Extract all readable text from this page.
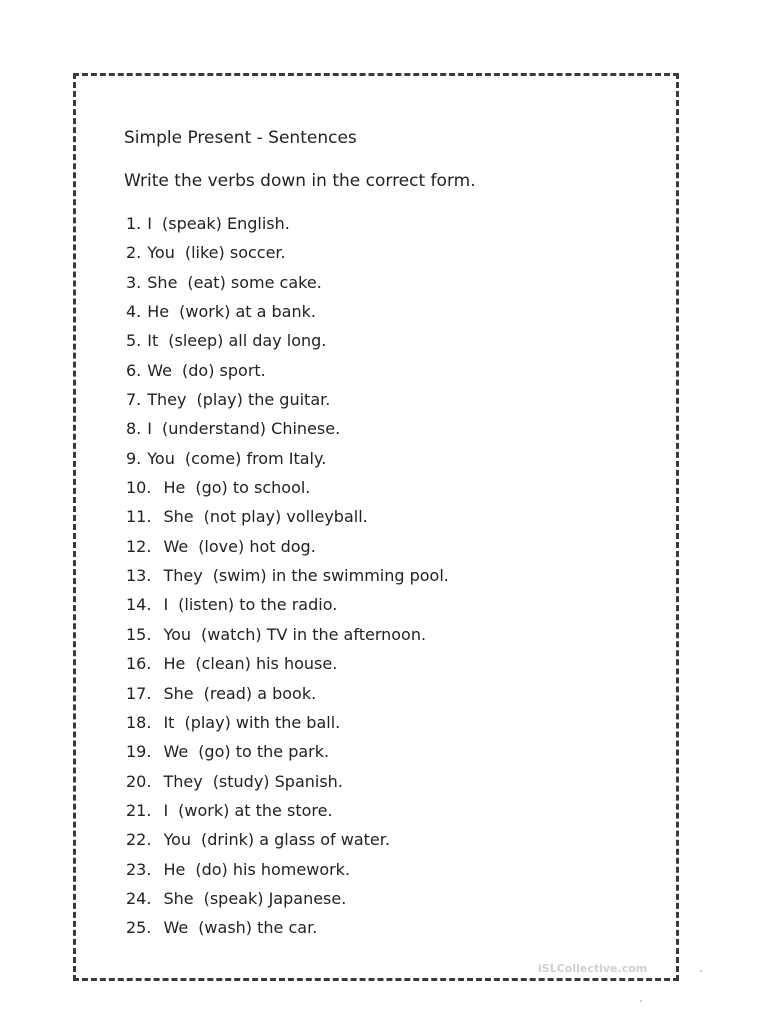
Simple Present - Sentences
Write the verbs down in the correct form.
1. I (speak) English.
2. You (like) soccer.
3. She (eat) some cake.
4. He (work) at a bank.
5. It (sleep) all day long.
6. We (do) sport.
7. They (play) the guitar.
8. I (understand) Chinese.
9. You (come) from Italy.
10. He (go) to school.
11. She (not play) volleyball.
12. We (love) hot dog.
13. They (swim) in the swimming pool.
14. I (listen) to the radio.
15. You (watch) TV in the afternoon.
16. He (clean) his house.
17. She (read) a book.
18. It (play) with the ball.
19. We (go) to the park.
20. They (study) Spanish.
21. I (work) at the store.
22. You (drink) a glass of water.
23. He (do) his homework.
24. She (speak) Japanese.
25. We (wash) the car.
iSLCollective.com
